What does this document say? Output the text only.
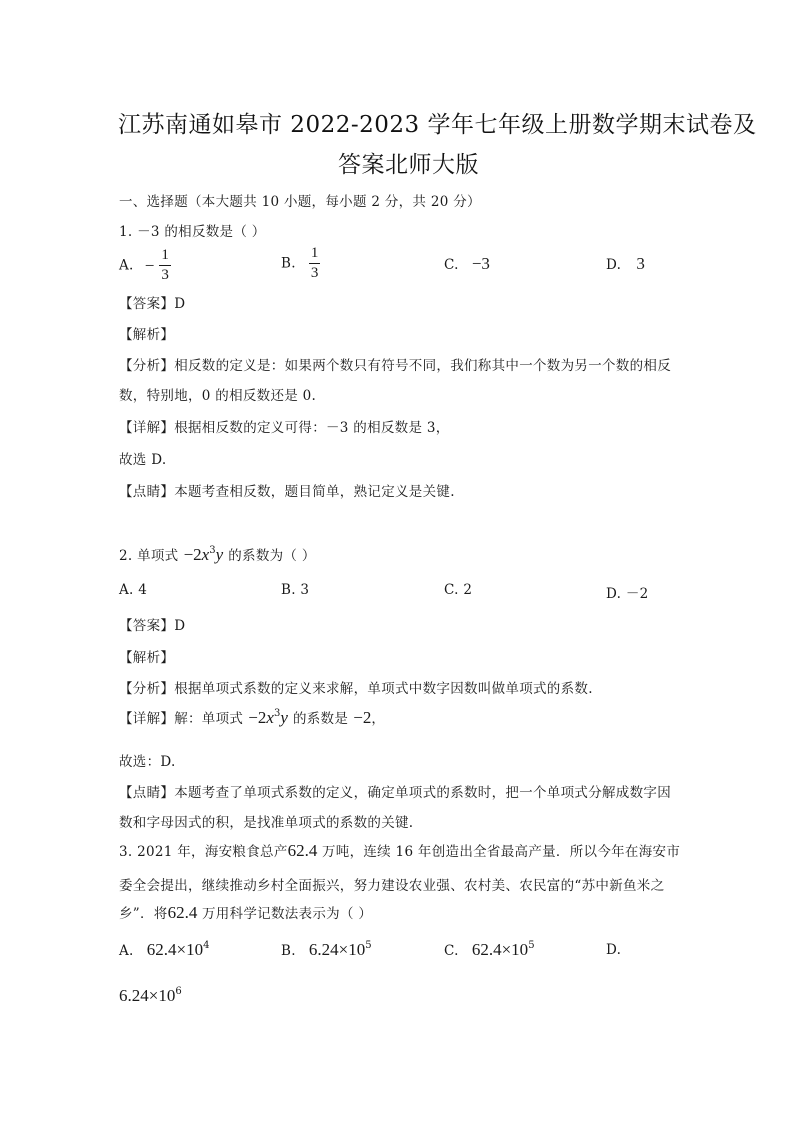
江苏南通如皋市 2022-2023 学年七年级上册数学期末试卷及
答案北师大版
一、选择题（本大题共 10 小题，每小题 2 分，共 20 分）
1. －3 的相反数是（ ）
A. − $\frac{1}{3}$	B. $\frac{1}{3}$	C. −3	D. 3
【答案】D
【解析】
【分析】相反数的定义是：如果两个数只有符号不同，我们称其中一个数为另一个数的相反
数，特别地，0 的相反数还是 0.
【详解】根据相反数的定义可得：－3 的相反数是 3，
故选 D.
【点睛】本题考查相反数，题目简单，熟记定义是关键.
2. 单项式 $-2x^3y$ 的系数为（ ）
A. 4	B. 3	C. 2	D. －2
【答案】D
【解析】
【分析】根据单项式系数的定义来求解，单项式中数字因数叫做单项式的系数.
【详解】解：单项式 $-2x^3y$ 的系数是 −2，
故选：D.
【点睛】本题考查了单项式系数的定义，确定单项式的系数时，把一个单项式分解成数字因
数和字母因式的积，是找准单项式的系数的关键.
3. 2021 年，海安粮食总产62.4 万吨，连续 16 年创造出全省最高产量．所以今年在海安市
委全会提出，继续推动乡村全面振兴，努力建设农业强、农村美、农民富的“苏中新鱼米之
乡”．将62.4 万用科学记数法表示为（ ）
A. $62.4\times 10^4$	B. $6.24\times 10^5$	C. $62.4\times 10^5$	D.
$6.24\times 10^6$
